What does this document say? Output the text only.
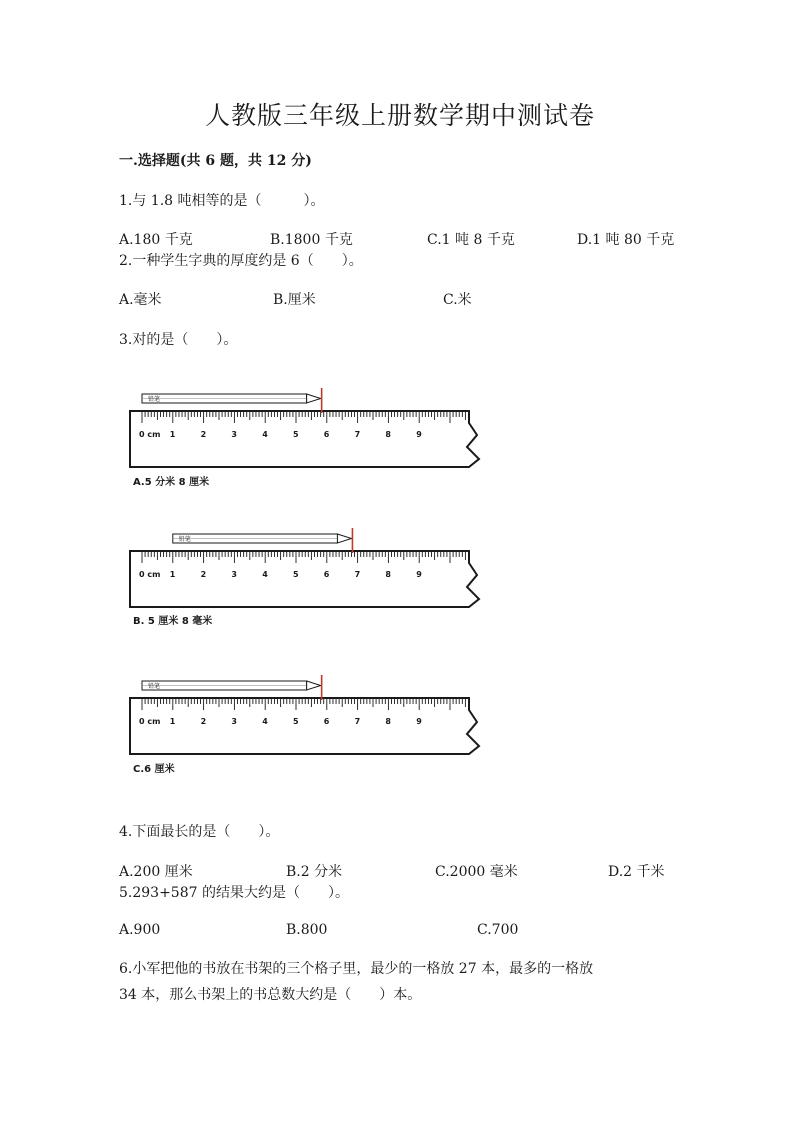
人教版三年级上册数学期中测试卷
一.选择题(共 6 题，共 12 分)
1.与 1.8 吨相等的是（　　　）。
A.180 千克	B.1800 千克	C.1 吨 8 千克	D.1 吨 80 千克
2.一种学生字典的厚度约是 6（　　）。
A.毫米	B.厘米	C.米
3.对的是（　　）。
0 cm 1	2	3	4	5	6	7	8	9
铅笔
A.5 分米 8 厘米
0 cm 1	2	3	4	5	6	7	8	9
铅笔
B. 5 厘米 8 毫米
0 cm 1	2	3	4	5	6	7	8	9
铅笔
C.6 厘米
4.下面最长的是（　　）。
A.200 厘米	B.2 分米	C.2000 毫米	D.2 千米
5.293+587 的结果大约是（　　）。
A.900	B.800	C.700
6.小军把他的书放在书架的三个格子里，最少的一格放 27 本，最多的一格放
34 本，那么书架上的书总数大约是（　　）本。
